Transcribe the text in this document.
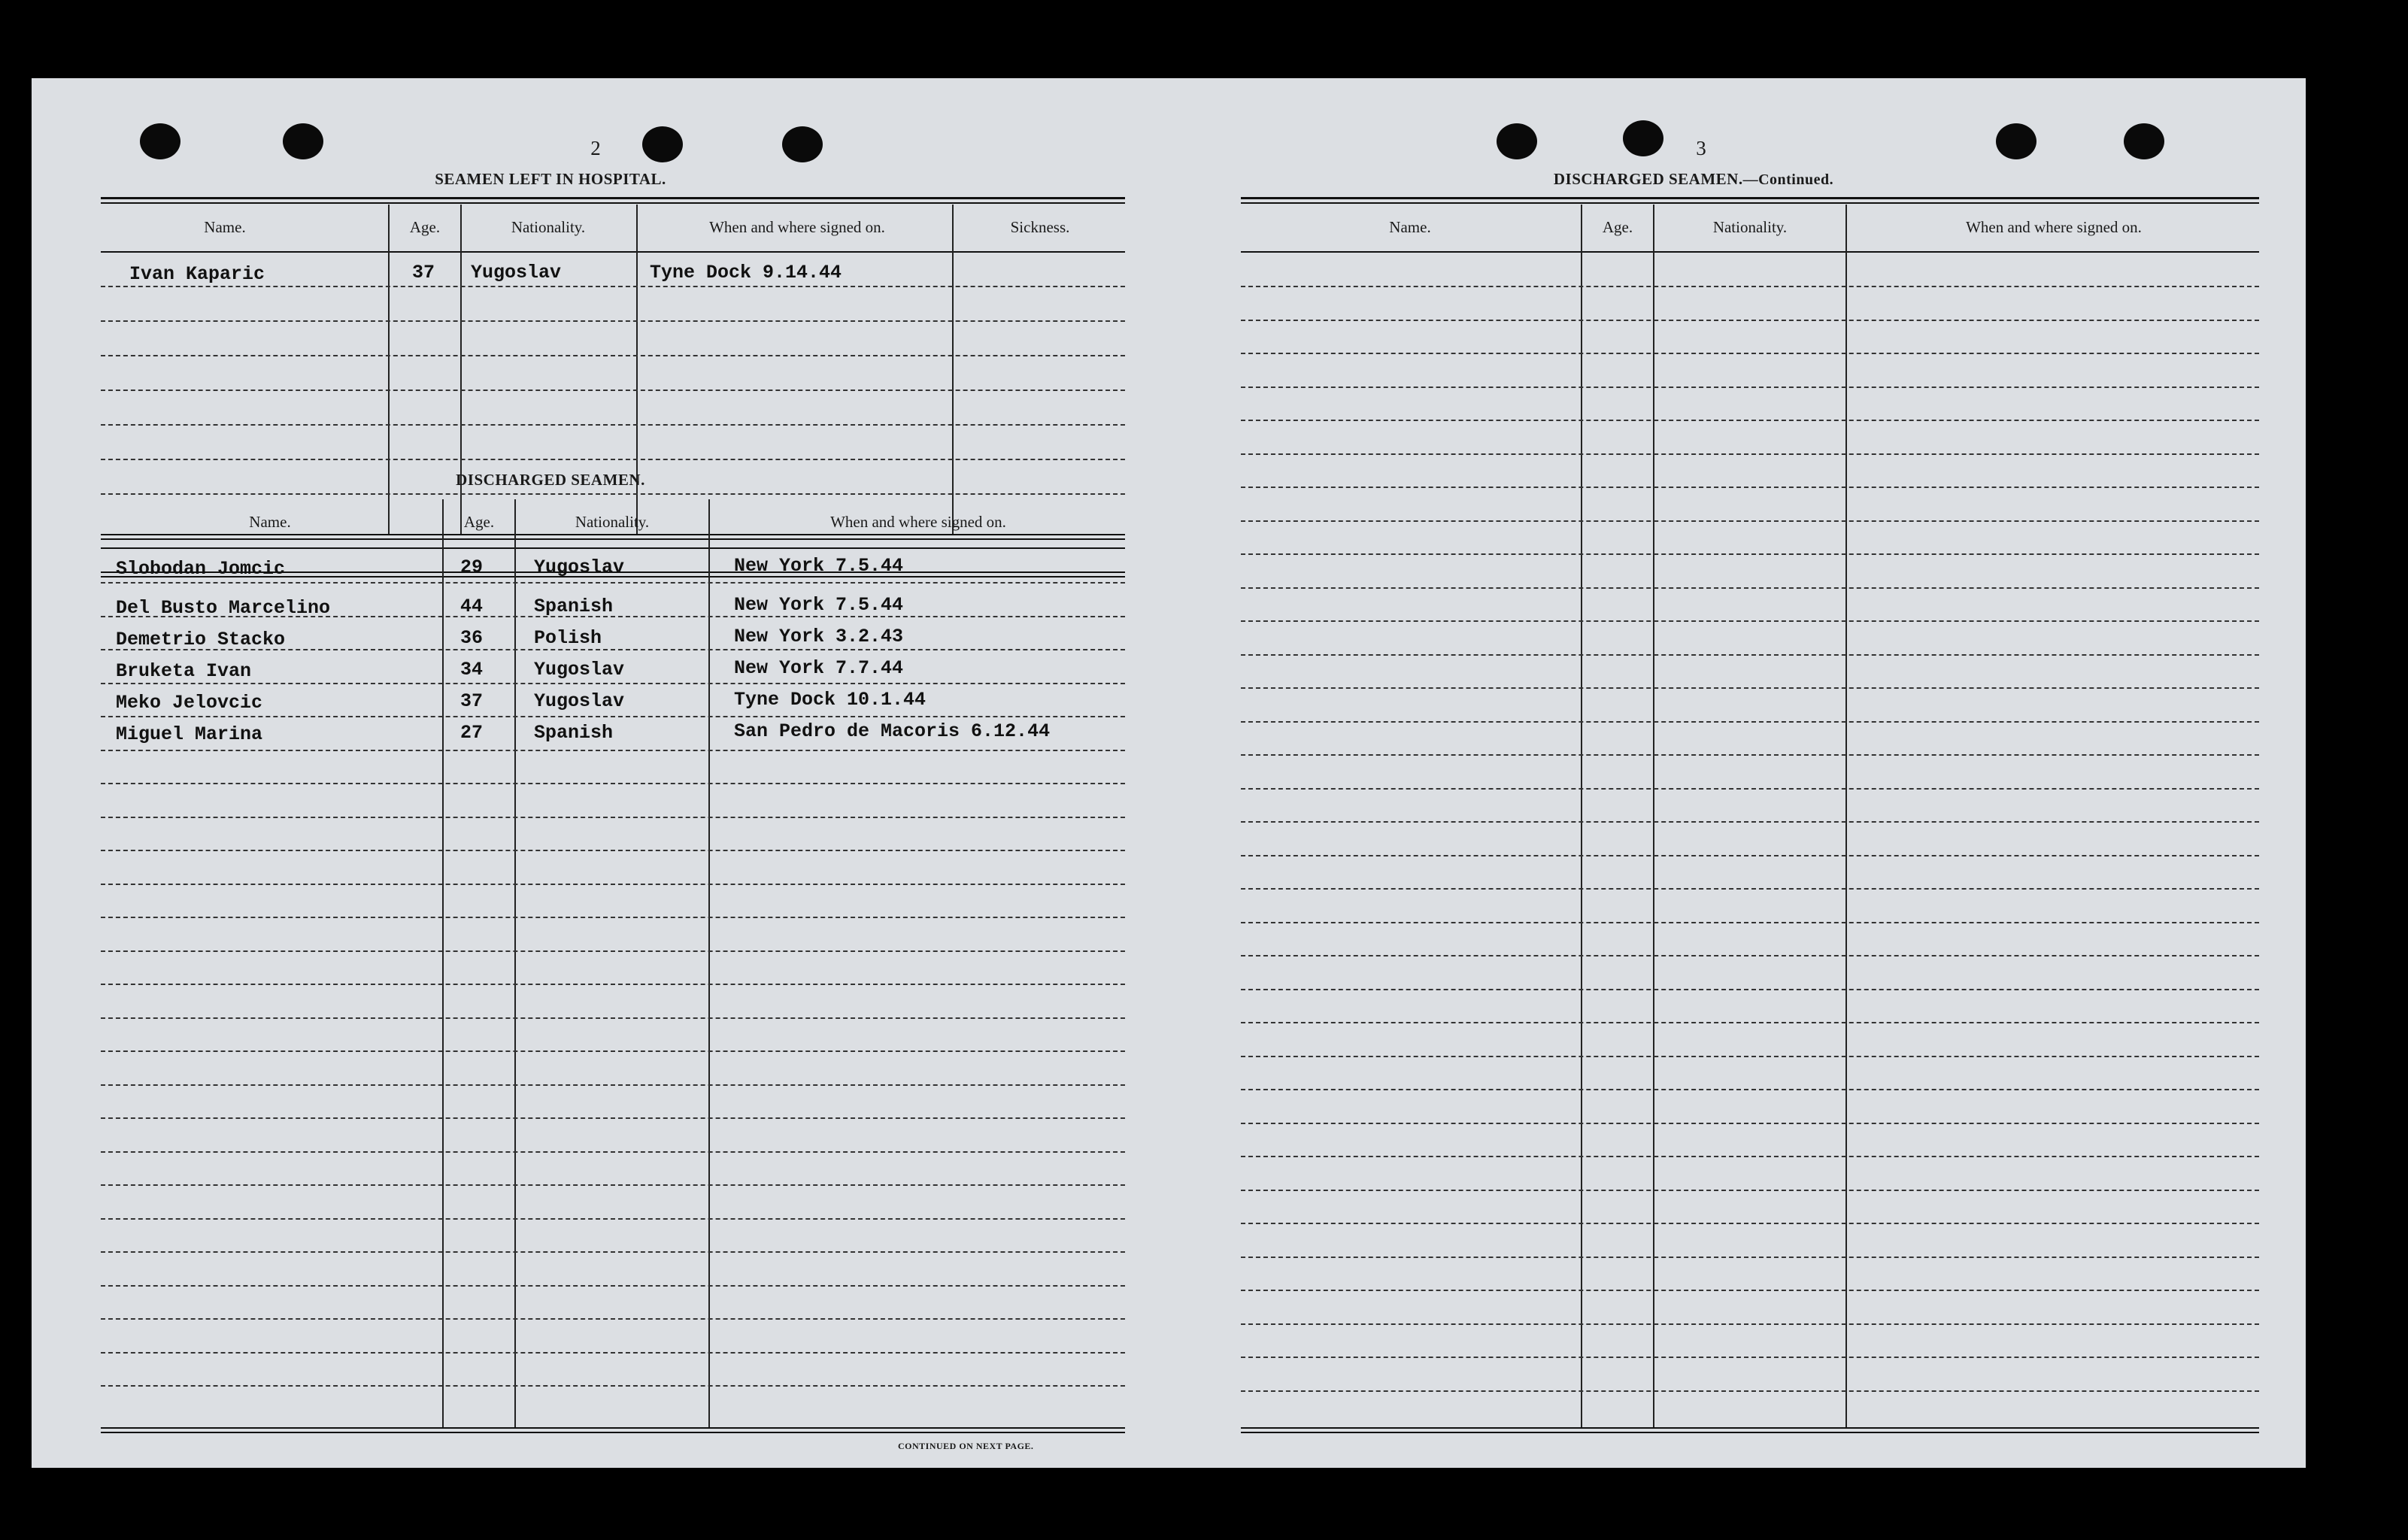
2
SEAMEN LEFT IN HOSPITAL.
Name.	Age.	Nationality.	When and where signed on.	Sickness.
Ivan Kaparic	37 Yugoslav	Tyne Dock 9.14.44
DISCHARGED SEAMEN.
Name.	Age.	Nationality.	When and where signed on.
Slobodan Jomcic	29	Yugoslav	New York 7.5.44
Del Busto Marcelino	44	Spanish	New York 7.5.44
Demetrio Stacko	36	Polish	New York 3.2.43
Bruketa Ivan	34	Yugoslav	New York 7.7.44
Meko Jelovcic	37	Yugoslav	Tyne Dock 10.1.44
Miguel Marina	27	Spanish	San Pedro de Macoris 6.12.44
CONTINUED ON NEXT PAGE.
3
DISCHARGED SEAMEN.—Continued.
Name.	Age.	Nationality.	When and where signed on.
